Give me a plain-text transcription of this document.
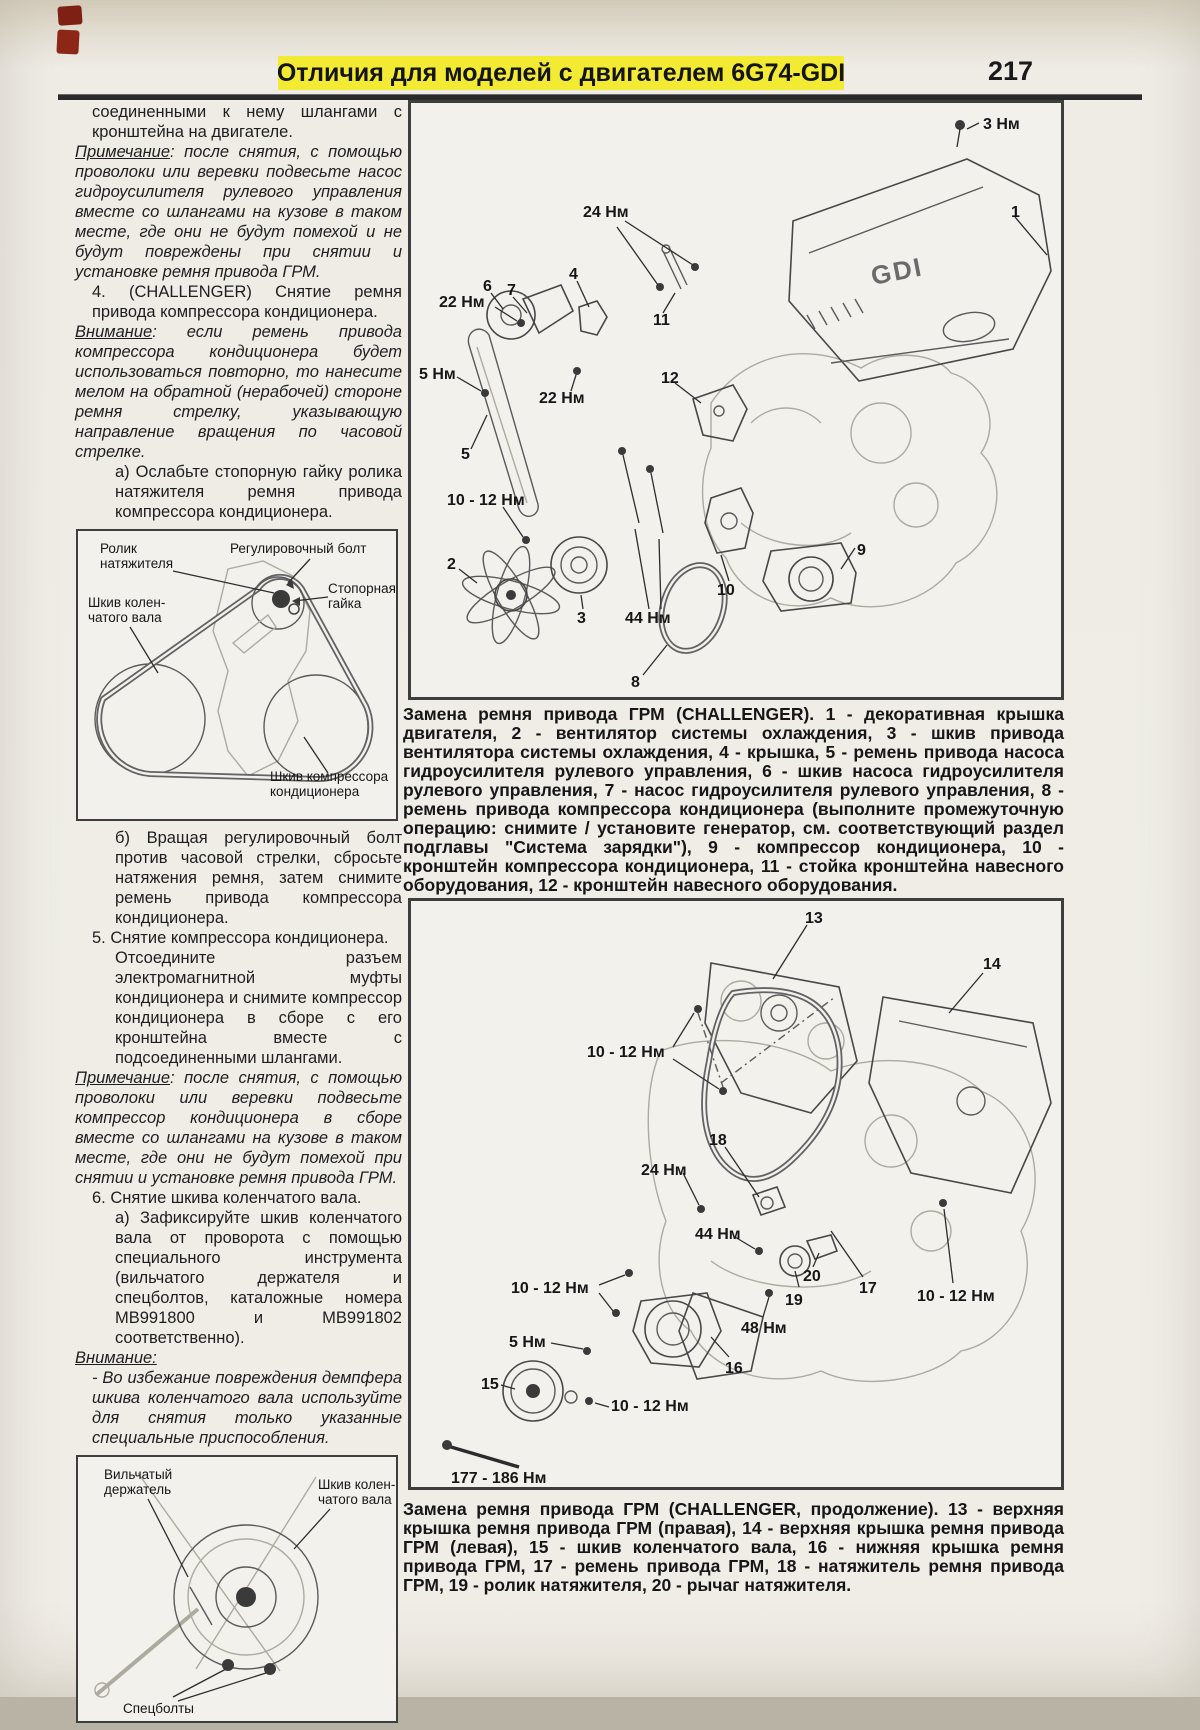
Отличия для моделей с двигателем 6G74-GDI	217

соединенными к нему шлангами с кронштейна на двигателе.

Примечание: после снятия, с помощью проволоки или веревки подвесьте насос гидроусилителя рулевого управления вместе со шлангами на кузове в таком месте, где они не будут помехой и не будут повреждены при снятии и установке ремня привода ГРМ.

4. (CHALLENGER) Снятие ремня привода компрессора кондиционера.

Внимание: если ремень привода компрессора кондиционера будет использоваться повторно, то нанесите мелом на обратной (нерабочей) стороне ремня стрелку, указывающую направление вращения по часовой стрелке.

а) Ослабьте стопорную гайку ролика натяжителя ремня привода компрессора кондиционера.

Ролик
натяжителя
Регулировочный болт
Стопорная
гайка
Шкив колен-
чатого вала
Шкив компрессора
кондиционера

б) Вращая регулировочный болт против часовой стрелки, сбросьте натяжения ремня, затем снимите ремень привода компрессора кондиционера.

5. Снятие компрессора кондиционера.

Отсоедините разъем электромагнитной муфты кондиционера и снимите компрессор кондиционера в сборе с его кронштейна вместе с подсоединенными шлангами.

Примечание: после снятия, с помощью проволоки или веревки подвесьте компрессор кондиционера в сборе вместе со шлангами на кузове в таком месте, где они не будут помехой при снятии и установке ремня привода ГРМ.

6. Снятие шкива коленчатого вала.

а) Зафиксируйте шкив коленчатого вала от проворота с помощью специального инструмента (вильчатого держателя и спецболтов, каталожные номера MB991800 и MB991802 соответственно).

Внимание:

- Во избежание повреждения демпфера шкива коленчатого вала используйте для снятия только указанные специальные приспособления.

Вильчатый
держатель	Шкив колен-
чатого вала
Спецболты
GDI
3 Нм
1
24 Нм
22 Нм
6 7
4
11
5 Нм
22 Нм
12
5
10 - 12 Нм
2
3 44 Нм
8
10
9

Замена ремня привода ГРМ (CHALLENGER). 1 - декоративная крышка двигателя, 2 - вентилятор системы охлаждения, 3 - шкив привода вентилятора системы охлаждения, 4 - крышка, 5 - ремень привода насоса гидроусилителя рулевого управления, 6 - шкив насоса гидроусилителя рулевого управления, 7 - насос гидроусилителя рулевого управления, 8 - ремень привода компрессора кондиционера (выполните промежуточную операцию: снимите / установите генератор, см. соответствующий раздел подглавы "Система зарядки"), 9 - компрессор кондиционера, 10 - кронштейн компрессора кондиционера, 11 - стойка кронштейна навесного оборудования, 12 - кронштейн навесного оборудования.

13
10 - 12 Нм
14
18
24 Нм
44 Нм
10 - 12 Нм
5 Нм
15
16
17
19
20
10 - 12 Нм
48 Нм
10 - 12 Нм
177 - 186 Нм

Замена ремня привода ГРМ (CHALLENGER, продолжение). 13 - верхняя крышка ремня привода ГРМ (правая), 14 - верхняя крышка ремня привода ГРМ (левая), 15 - шкив коленчатого вала, 16 - нижняя крышка ремня привода ГРМ, 17 - ремень привода ГРМ, 18 - натяжитель ремня привода ГРМ, 19 - ролик натяжителя, 20 - рычаг натяжителя.
